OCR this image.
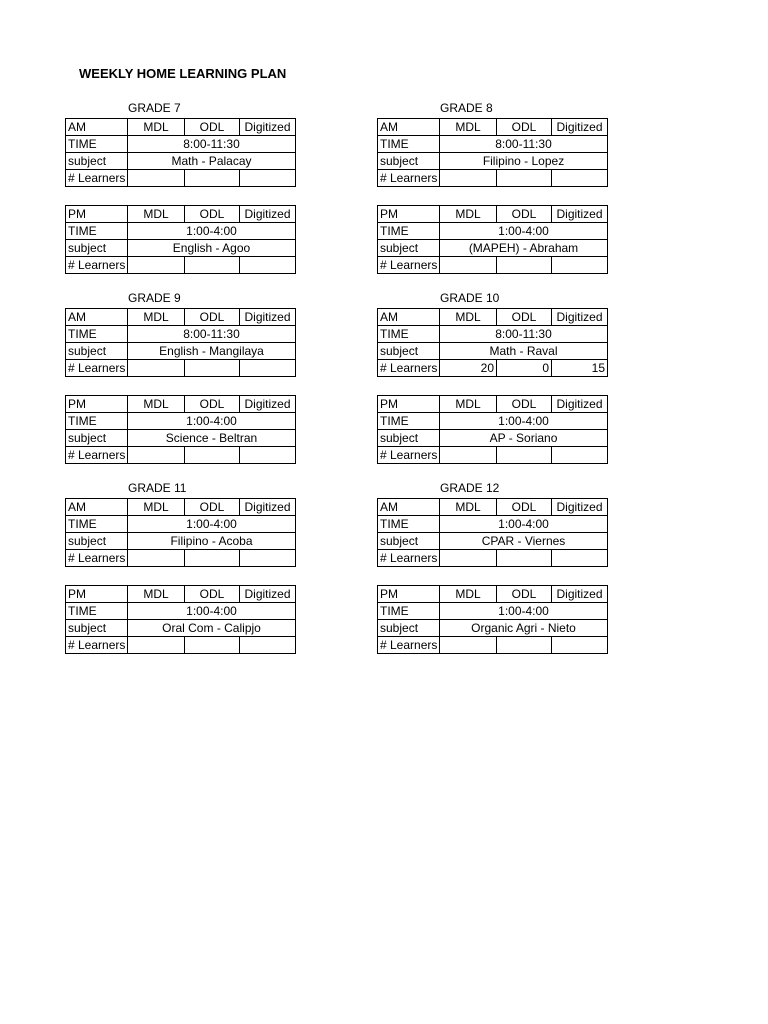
WEEKLY HOME LEARNING PLAN
GRADE 7
AM	MDL	ODL	Digitized
TIME	8:00-11:30		
subject	Math - Palacay		
# Learners			
PM	MDL	ODL	Digitized
TIME	1:00-4:00		
subject	English - Agoo		
# Learners			
GRADE 8
AM	MDL	ODL	Digitized
TIME	8:00-11:30		
subject	Filipino - Lopez		
# Learners			
PM	MDL	ODL	Digitized
TIME	1:00-4:00		
subject	(MAPEH) - Abraham		
# Learners			
GRADE 9
AM	MDL	ODL	Digitized
TIME	8:00-11:30		
subject	English - Mangilaya		
# Learners			
PM	MDL	ODL	Digitized
TIME	1:00-4:00		
subject	Science - Beltran		
# Learners			
GRADE 10
AM	MDL	ODL	Digitized
TIME	8:00-11:30		
subject	Math - Raval		
# Learners	20	0	15
PM	MDL	ODL	Digitized
TIME	1:00-4:00		
subject	AP - Soriano		
# Learners			
GRADE 11
AM	MDL	ODL	Digitized
TIME	1:00-4:00		
subject	Filipino - Acoba		
# Learners			
PM	MDL	ODL	Digitized
TIME	1:00-4:00		
subject	Oral Com - Calipjo		
# Learners			
GRADE 12
AM	MDL	ODL	Digitized
TIME	1:00-4:00		
subject	CPAR - Viernes		
# Learners			
PM	MDL	ODL	Digitized
TIME	1:00-4:00		
subject	Organic Agri - Nieto		
# Learners			
